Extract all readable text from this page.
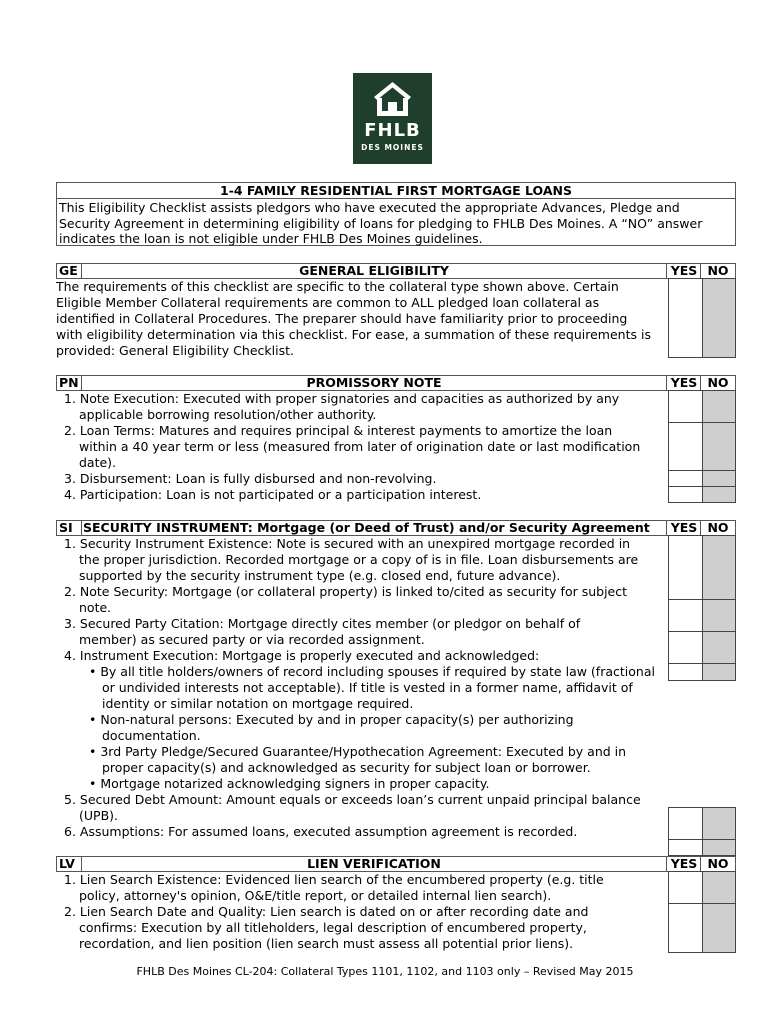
FHLB
DES MOINES
1-4 FAMILY RESIDENTIAL FIRST MORTGAGE LOANS
This Eligibility Checklist assists pledgors who have executed the appropriate Advances, Pledge and
Security Agreement in determining eligibility of loans for pledging to FHLB Des Moines. A “NO” answer
indicates the loan is not eligible under FHLB Des Moines guidelines.
GE	GENERAL ELIGIBILITY	YES NO
The requirements of this checklist are specific to the collateral type shown above. Certain
Eligible Member Collateral requirements are common to ALL pledged loan collateral as
identified in Collateral Procedures. The preparer should have familiarity prior to proceeding
with eligibility determination via this checklist. For ease, a summation of these requirements is
provided: General Eligibility Checklist.
PN	PROMISSORY NOTE	YES NO
1. Note Execution: Executed with proper signatories and capacities as authorized by any
applicable borrowing resolution/other authority.
2. Loan Terms: Matures and requires principal & interest payments to amortize the loan
within a 40 year term or less (measured from later of origination date or last modification
date).
3. Disbursement: Loan is fully disbursed and non-revolving.
4. Participation: Loan is not participated or a participation interest.
SI SECURITY INSTRUMENT: Mortgage (or Deed of Trust) and/or Security Agreement	YES NO
1. Security Instrument Existence: Note is secured with an unexpired mortgage recorded in
the proper jurisdiction. Recorded mortgage or a copy of is in file. Loan disbursements are
supported by the security instrument type (e.g. closed end, future advance).
2. Note Security: Mortgage (or collateral property) is linked to/cited as security for subject
note.
3. Secured Party Citation: Mortgage directly cites member (or pledgor on behalf of
member) as secured party or via recorded assignment.
4. Instrument Execution: Mortgage is properly executed and acknowledged:
• By all title holders/owners of record including spouses if required by state law (fractional
or undivided interests not acceptable). If title is vested in a former name, affidavit of
identity or similar notation on mortgage required.
• Non-natural persons: Executed by and in proper capacity(s) per authorizing
documentation.
• 3rd Party Pledge/Secured Guarantee/Hypothecation Agreement: Executed by and in
proper capacity(s) and acknowledged as security for subject loan or borrower.
• Mortgage notarized acknowledging signers in proper capacity.
5. Secured Debt Amount: Amount equals or exceeds loan’s current unpaid principal balance
(UPB).
6. Assumptions: For assumed loans, executed assumption agreement is recorded.
LV	LIEN VERIFICATION	YES NO
1. Lien Search Existence: Evidenced lien search of the encumbered property (e.g. title
policy, attorney's opinion, O&E/title report, or detailed internal lien search).
2. Lien Search Date and Quality: Lien search is dated on or after recording date and
confirms: Execution by all titleholders, legal description of encumbered property,
recordation, and lien position (lien search must assess all potential prior liens).
FHLB Des Moines CL-204: Collateral Types 1101, 1102, and 1103 only – Revised May 2015
